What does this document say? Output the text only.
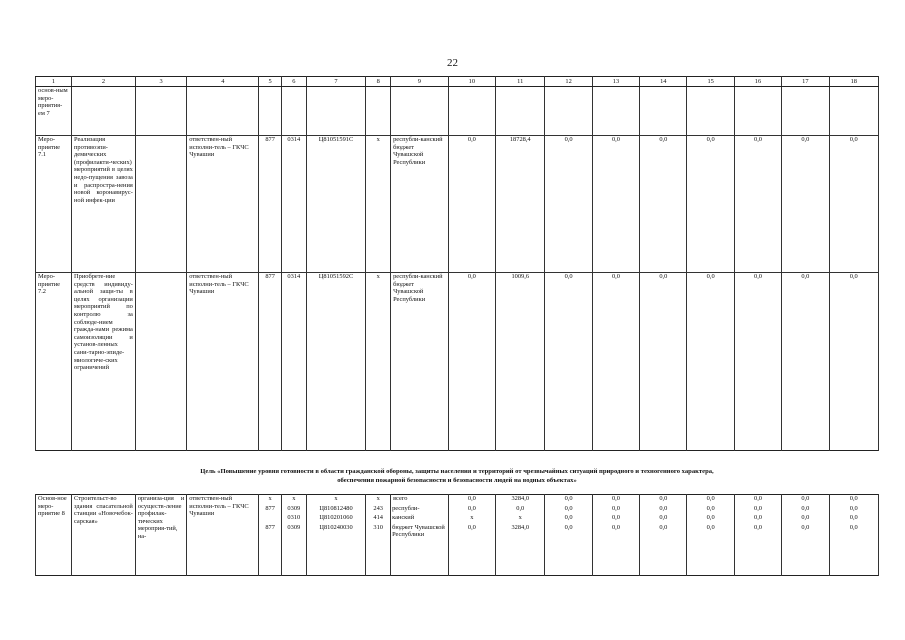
22
1	2	3	4	5	6	7	8	9	10	11	12	13	14	15	16	17	18
основ-ным меро-приятия-ем 7																	
Меро-приятие 7.1	Реализация противоэпи-демических (профилакти-ческих) мероприятий в целях недо-пущения завоза и распростра-нения новой коронавирус-ной инфек-ции		ответствен-ный исполни-тель – ГКЧС Чувашии	877	0314	Ц81051591С	x	республи-канский бюджет Чувашской Республики	0,0	18728,4	0,0	0,0	0,0	0,0	0,0	0,0	0,0
Меро-приятие 7.2	Приобрете-ние средств индивиду-альной защи-ты в целях организации мероприятий по контролю за соблюде-нием гражда-нами режима самоизоляции и установ-ленных сани-тарно-эпиде-миологиче-ских ограничений		ответствен-ный исполни-тель – ГКЧС Чувашии	877	0314	Ц81051592С	x	республи-канский бюджет Чувашской Республики	0,0	1009,6	0,0	0,0	0,0	0,0	0,0	0,0	0,0
Цель «Повышение уровня готовности в области гражданской обороны, защиты населения и территорий от чрезвычайных ситуаций природного и техногенного характера,
обеспечения пожарной безопасности и безопасности людей на водных объектах»
Основ-ное меро-приятие 8	Строительст-во здания спасательной станции «Новочебок-сарская»	организа-ция и осуществ-ление профилак-тических мероприя-тий, на-	ответствен-ный исполни-тель – ГКЧС Чувашии	x	x	x	x	всего	0,0	3284,0	0,0	0,0	0,0	0,0	0,0	0,0	0,0
				877	0309	Ц810812480	243	республи-	0,0	0,0	0,0	0,0	0,0	0,0	0,0	0,0	0,0
					0310	Ц810201060	414	канский	x	x	0,0	0,0	0,0	0,0	0,0	0,0	0,0
				877	0309	Ц810240030	310	бюджет Чувашской Республики	0,0	3284,0	0,0	0,0	0,0	0,0	0,0	0,0	0,0
